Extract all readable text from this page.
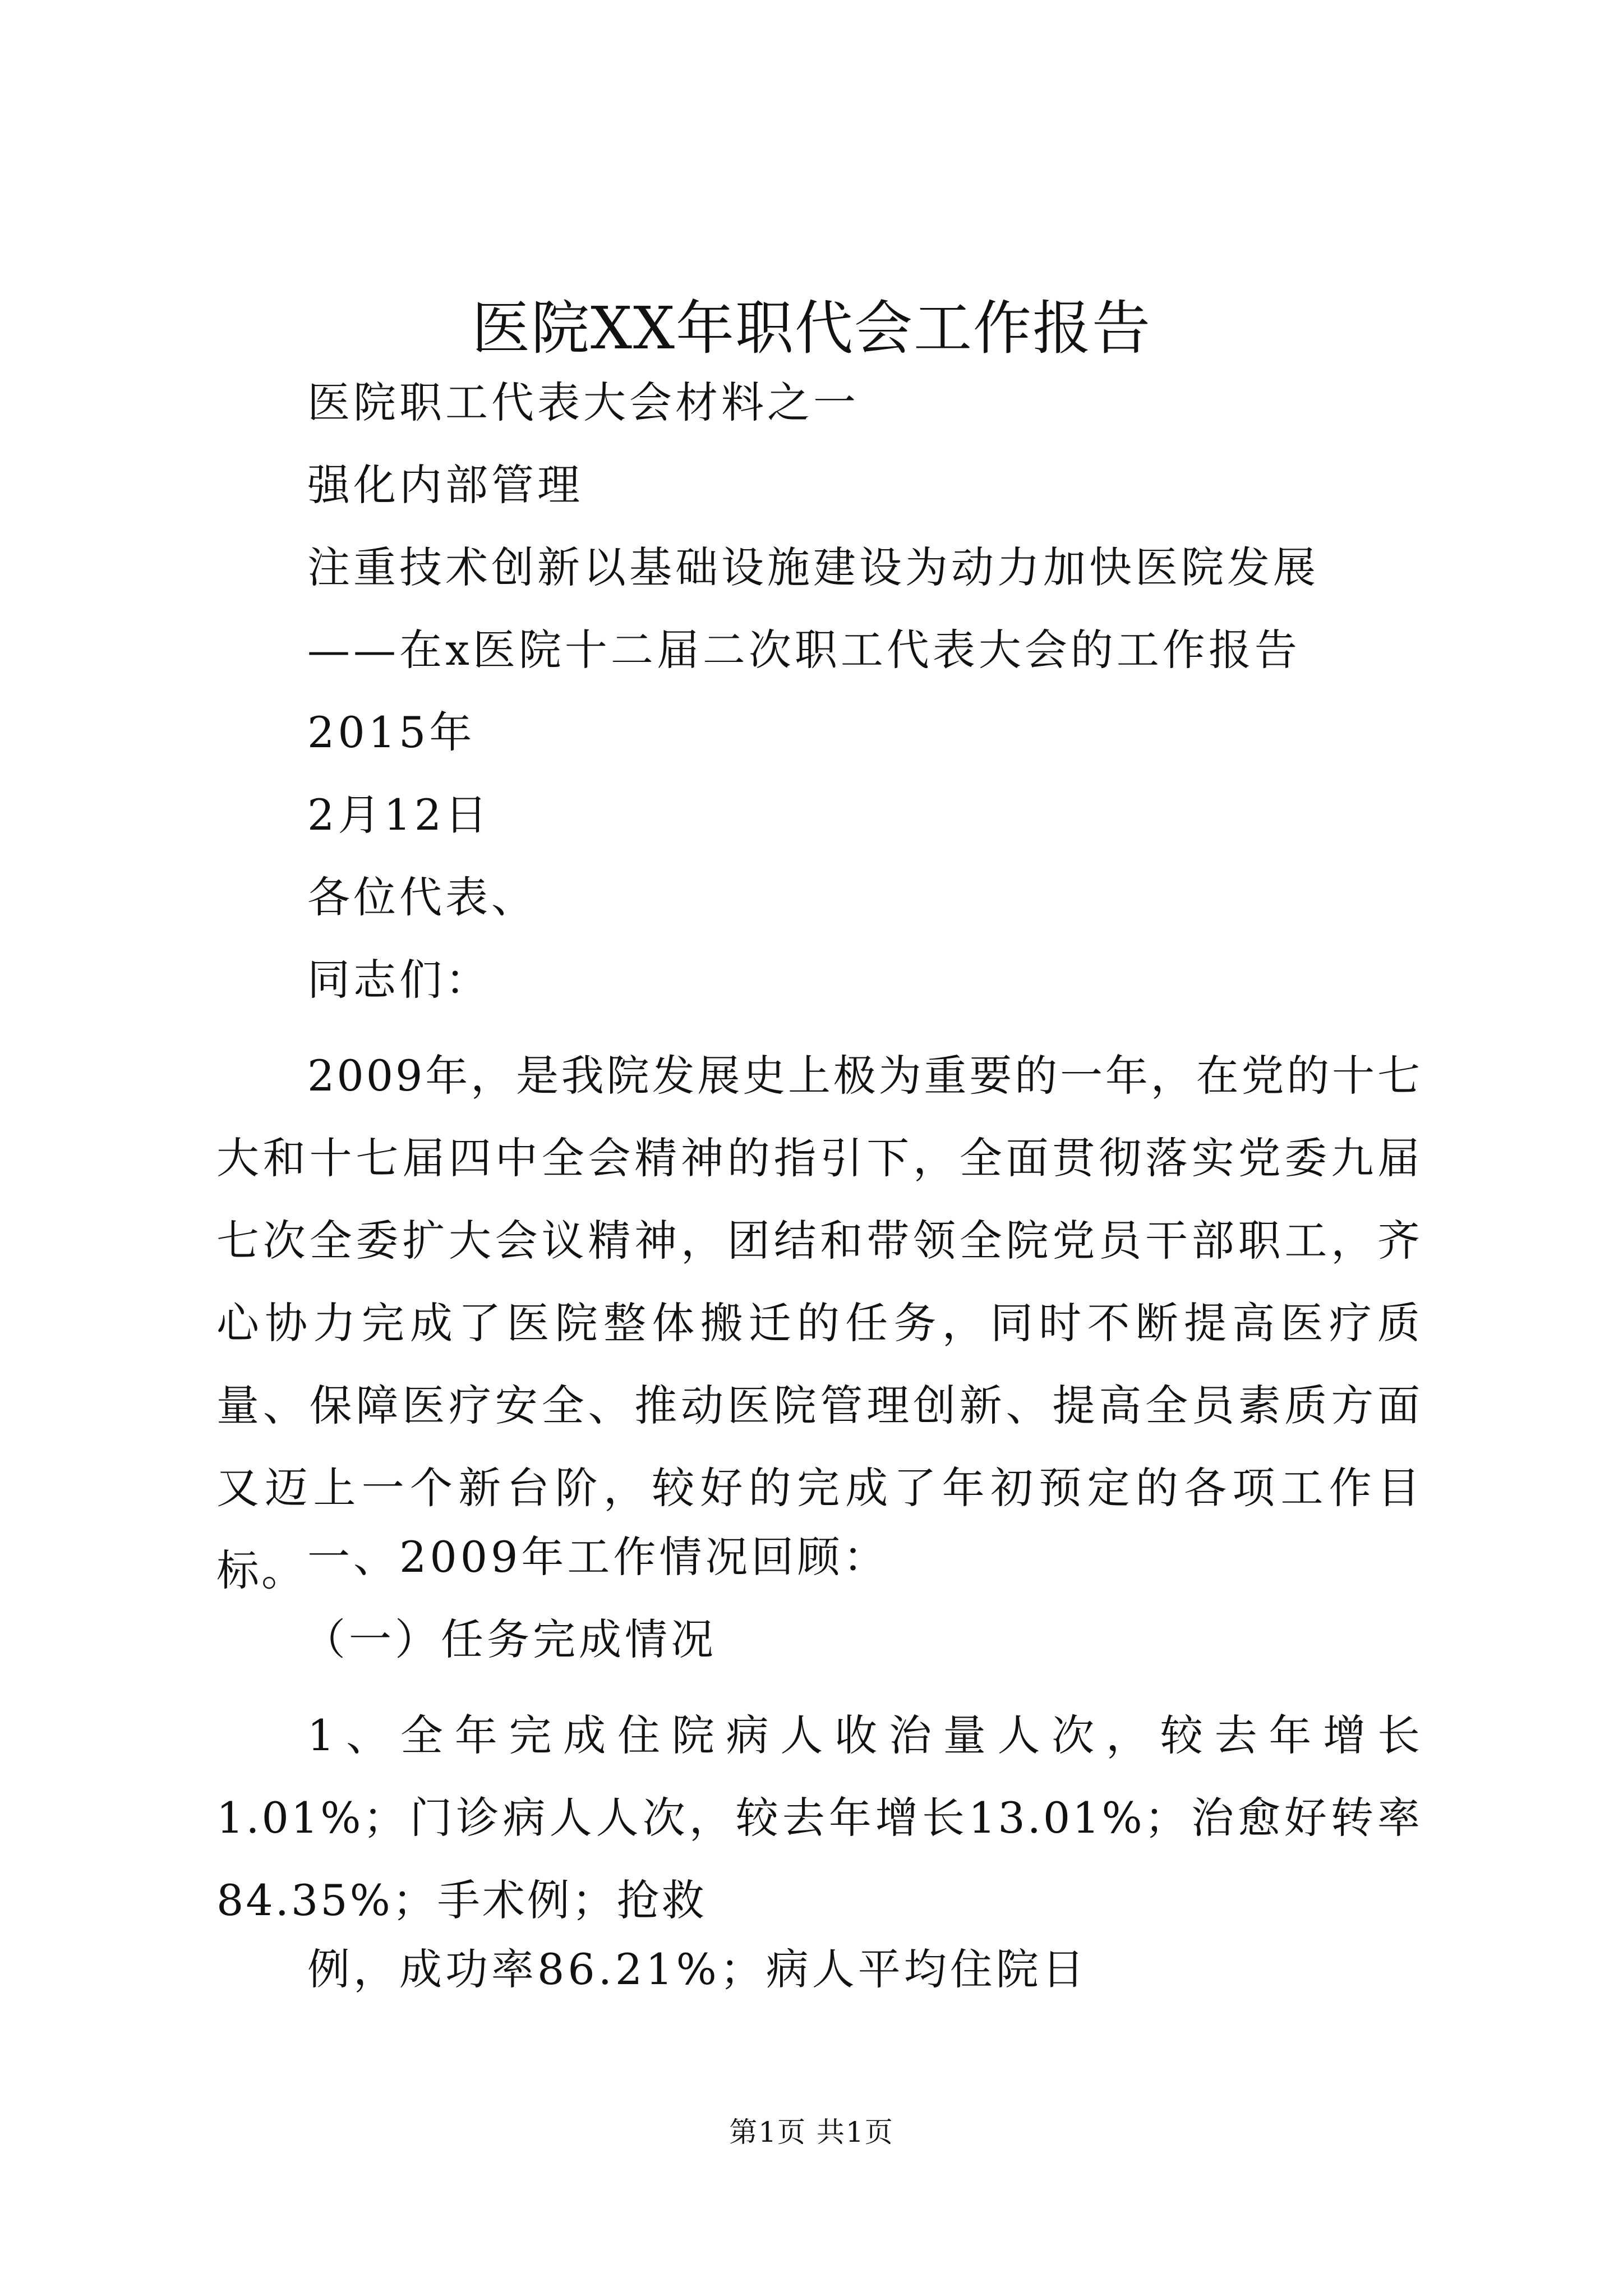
医院XX年职代会工作报告
医院职工代表大会材料之一
强化内部管理
注重技术创新以基础设施建设为动力加快医院发展
——在x医院十二届二次职工代表大会的工作报告
2015年
2月12日
各位代表、
同志们：
2009年，是我院发展史上极为重要的一年，在党的十七大和十七届四中全会精神的指引下，全面贯彻落实党委九届七次全委扩大会议精神，团结和带领全院党员干部职工，齐心协力完成了医院整体搬迁的任务，同时不断提高医疗质量、保障医疗安全、推动医院管理创新、提高全员素质方面又迈上一个新台阶，较好的完成了年初预定的各项工作目标。 一、2009年工作情况回顾：
（一）任务完成情况
1、全年完成住院病人收治量人次，较去年增长1.01%；门诊病人人次，较去年增长13.01%；治愈好转率84.35%；手术例；抢救
例，成功率86.21%；病人平均住院日
第1页 共1页
